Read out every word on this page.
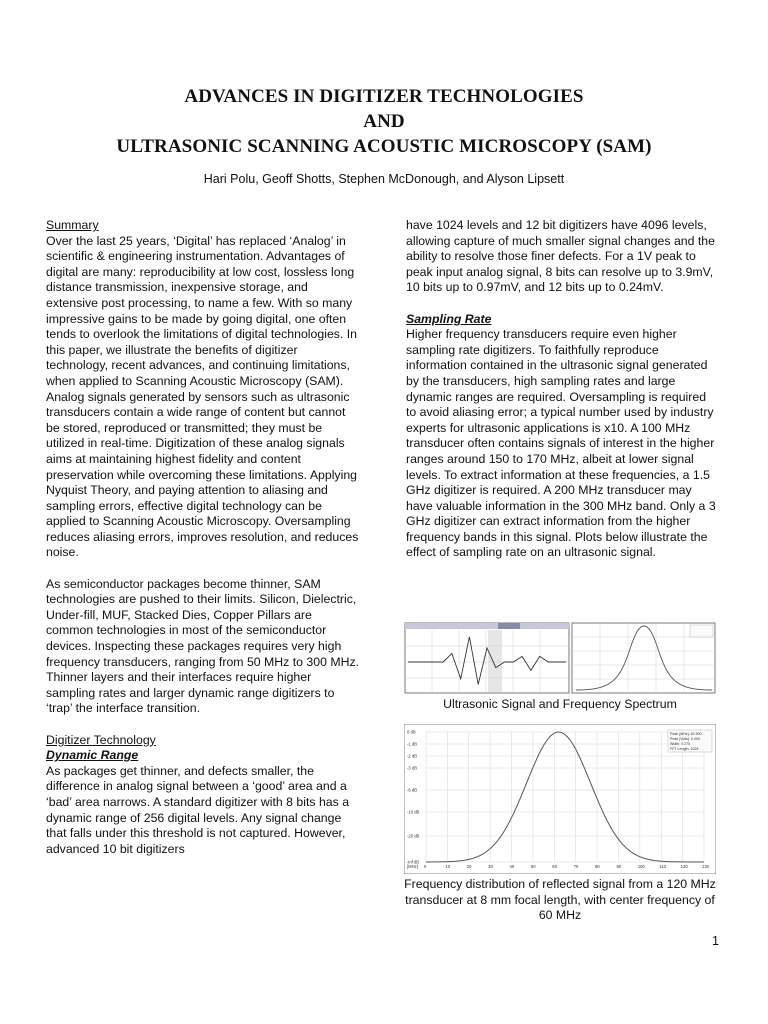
ADVANCES IN DIGITIZER TECHNOLOGIES
AND
ULTRASONIC SCANNING ACOUSTIC MICROSCOPY (SAM)
Hari Polu, Geoff Shotts, Stephen McDonough, and Alyson Lipsett

Summary

Over the last 25 years, ‘Digital’ has replaced ‘Analog’ in scientific & engineering instrumentation. Advantages of digital are many: reproducibility at low cost, lossless long distance transmission, inexpensive storage, and extensive post processing, to name a few. With so many impressive gains to be made by going digital, one often tends to overlook the limitations of digital technologies. In this paper, we illustrate the benefits of digitizer technology, recent advances, and continuing limitations, when applied to Scanning Acoustic Microscopy (SAM). Analog signals generated by sensors such as ultrasonic transducers contain a wide range of content but cannot be stored, reproduced or transmitted; they must be utilized in real-time. Digitization of these analog signals aims at maintaining highest fidelity and content preservation while overcoming these limitations. Applying Nyquist Theory, and paying attention to aliasing and sampling errors, effective digital technology can be applied to Scanning Acoustic Microscopy. Oversampling reduces aliasing errors, improves resolution, and reduces noise.

As semiconductor packages become thinner, SAM technologies are pushed to their limits. Silicon, Dielectric, Under-fill, MUF, Stacked Dies, Copper Pillars are common technologies in most of the semiconductor devices. Inspecting these packages requires very high frequency transducers, ranging from 50 MHz to 300 MHz. Thinner layers and their interfaces require higher sampling rates and larger dynamic range digitizers to ‘trap’ the interface transition.

Digitizer Technology

Dynamic Range

As packages get thinner, and defects smaller, the difference in analog signal between a ‘good’ area and a ‘bad’ area narrows. A standard digitizer with 8 bits has a dynamic range of 256 digital levels. Any signal change that falls under this threshold is not captured. However, advanced 10 bit digitizers

have 1024 levels and 12 bit digitizers have 4096 levels, allowing capture of much smaller signal changes and the ability to resolve those finer defects. For a 1V peak to peak input analog signal, 8 bits can resolve up to 3.9mV, 10 bits up to 0.97mV, and 12 bits up to 0.24mV.

Sampling Rate

Higher frequency transducers require even higher sampling rate digitizers. To faithfully reproduce information contained in the ultrasonic signal generated by the transducers, high sampling rates and large dynamic ranges are required. Oversampling is required to avoid aliasing error; a typical number used by industry experts for ultrasonic applications is x10. A 100 MHz transducer often contains signals of interest in the higher ranges around 150 to 170 MHz, albeit at lower signal levels. To extract information at these frequencies, a 1.5 GHz digitizer is required. A 200 MHz transducer may have valuable information in the 300 MHz band. Only a 3 GHz digitizer can extract information from the higher frequency bands in this signal. Plots below illustrate the effect of sampling rate on an ultrasonic signal.

Ultrasonic Signal and Frequency Spectrum
0 dB
-1 dB
-2 dB
-3 dB
-6 dB
-10 dB
-20 dB
-inf dB
0	10	20	30	40	50	60	70	80	90	100	110	120	130
[MHz]
Peak [MHz]: 62.500
Peak [Volts]: 0.000
Width: 0.270
FFT Length: 1024
Frequency distribution of reflected signal from a 120 MHz transducer at 8 mm focal length, with center frequency of 60 MHz
1
